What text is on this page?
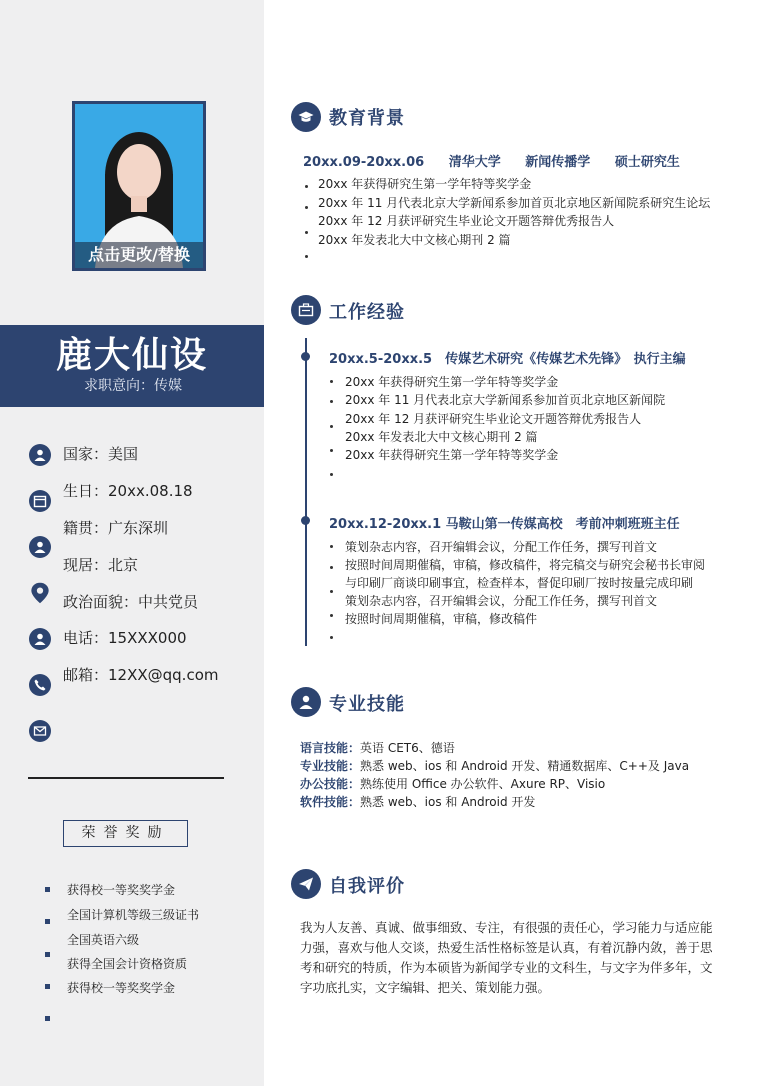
点击更改/替换
鹿大仙设
求职意向：传媒
国家：美国
生日：20xx.08.18
籍贯：广东深圳
现居：北京
政治面貌：中共党员
电话：15XXX000
邮箱：12XX@qq.com
荣誉奖励
获得校一等奖奖学金
全国计算机等级三级证书
全国英语六级
获得全国会计资格资质
获得校一等奖奖学金
教育背景
20xx.09-20xx.06 清华大学 新闻传播学 硕士研究生
20xx 年获得研究生第一学年特等奖学金
20xx 年 11 月代表北京大学新闻系参加首页北京地区新闻院系研究生论坛
20xx 年 12 月获评研究生毕业论文开题答辩优秀报告人
20xx 年发表北大中文核心期刊 2 篇
工作经验
20xx.5-20xx.5　传媒艺术研究《传媒艺术先锋》　执行主编
20xx 年获得研究生第一学年特等奖学金
20xx 年 11 月代表北京大学新闻系参加首页北京地区新闻院
20xx 年 12 月获评研究生毕业论文开题答辩优秀报告人
20xx 年发表北大中文核心期刊 2 篇
20xx 年获得研究生第一学年特等奖学金
20xx.12-20xx.1 马鞍山第一传媒高校　考前冲刺班班主任
策划杂志内容，召开编辑会议，分配工作任务，撰写刊首文
按照时间周期催稿，审稿，修改稿件，将完稿交与研究会秘书长审阅
与印刷厂商谈印刷事宜，检查样本，督促印刷厂按时按量完成印刷
策划杂志内容，召开编辑会议，分配工作任务，撰写刊首文
按照时间周期催稿，审稿，修改稿件
专业技能
语言技能：英语 CET6、德语
专业技能：熟悉 web、ios 和 Android 开发、精通数据库、C++及 Java
办公技能：熟练使用 Office 办公软件、Axure RP、Visio
软件技能：熟悉 web、ios 和 Android 开发
自我评价
我为人友善、真诚、做事细致、专注，有很强的责任心，学习能力与适应能力强，喜欢与他人交谈，热爱生活性格标签是认真，有着沉静内敛，善于思考和研究的特质，作为本硕皆为新闻学专业的文科生，与文字为伴多年，文字功底扎实，文字编辑、把关、策划能力强。
